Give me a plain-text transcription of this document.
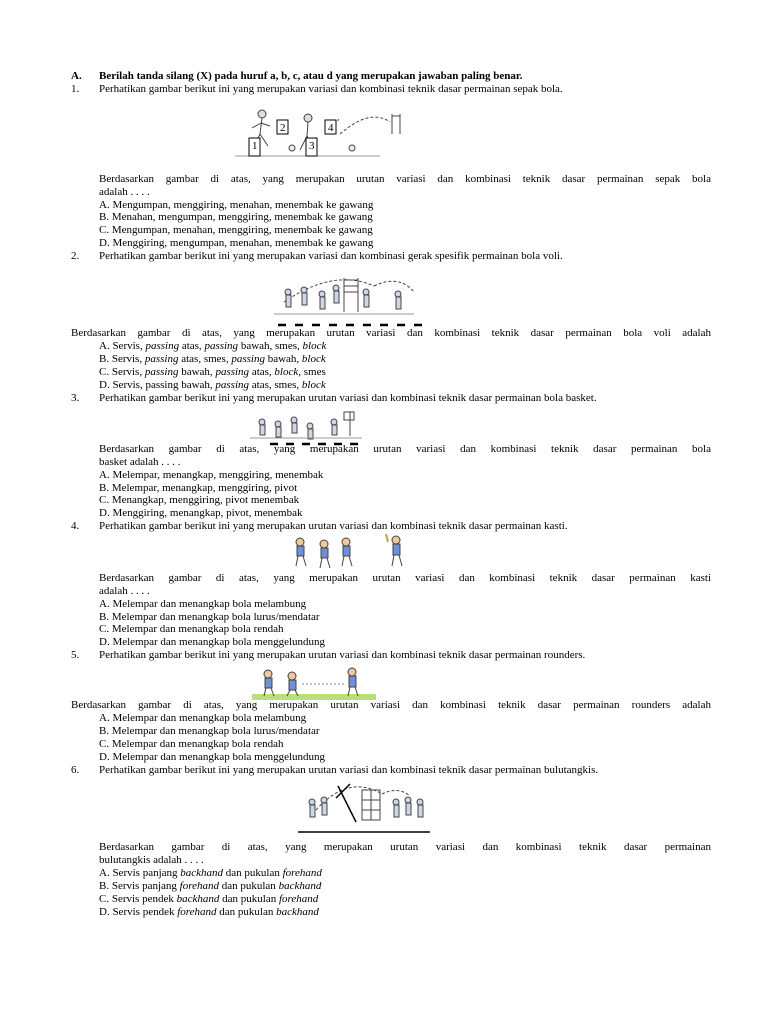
A. Berilah tanda silang (X) pada huruf a, b, c, atau d yang merupakan jawaban paling benar.
1. Perhatikan gambar berikut ini yang merupakan variasi dan kombinasi teknik dasar permainan sepak bola.
1
2
3
4
Berdasarkan gambar di atas, yang merupakan urutan variasi dan kombinasi teknik dasar permainan sepak bola
adalah . . . .
A. Mengumpan, menggiring, menahan, menembak ke gawang
B. Menahan, mengumpan, menggiring, menembak ke gawang
C. Mengumpan, menahan, menggiring, menembak ke gawang
D. Menggiring, mengumpan, menahan, menembak ke gawang
2. Perhatikan gambar berikut ini yang merupakan variasi dan kombinasi gerak spesifik permainan bola voli.
Berdasarkan gambar di atas, yang merupakan urutan variasi dan kombinasi teknik dasar permainan bola voli adalah
A. Servis, passing atas, passing bawah, smes, block
B. Servis, passing atas, smes, passing bawah, block
C. Servis, passing bawah, passing atas, block, smes
D. Servis, passing bawah, passing atas, smes, block
3. Perhatikan gambar berikut ini yang merupakan urutan variasi dan kombinasi teknik dasar permainan bola basket.
Berdasarkan gambar di atas, yang merupakan urutan variasi dan kombinasi teknik dasar permainan bola
basket adalah . . . .
A. Melempar, menangkap, menggiring, menembak
B. Melempar, menangkap, menggiring, pivot
C. Menangkap, menggiring, pivot menembak
D. Menggiring, menangkap, pivot, menembak
4. Perhatikan gambar berikut ini yang merupakan urutan variasi dan kombinasi teknik dasar permainan kasti.
Berdasarkan gambar di atas, yang merupakan urutan variasi dan kombinasi teknik dasar permainan kasti
adalah . . . .
A. Melempar dan menangkap bola melambung
B. Melempar dan menangkap bola lurus/mendatar
C. Melempar dan menangkap bola rendah
D. Melempar dan menangkap bola menggelundung
5. Perhatikan gambar berikut ini yang merupakan urutan variasi dan kombinasi teknik dasar permainan rounders.
Berdasarkan gambar di atas, yang merupakan urutan variasi dan kombinasi teknik dasar permainan rounders adalah
A. Melempar dan menangkap bola melambung
B. Melempar dan menangkap bola lurus/mendatar
C. Melempar dan menangkap bola rendah
D. Melempar dan menangkap bola menggelundung
6. Perhatikan gambar berikut ini yang merupakan urutan variasi dan kombinasi teknik dasar permainan bulutangkis.
Berdasarkan gambar di atas, yang merupakan urutan variasi dan kombinasi teknik dasar permainan
bulutangkis adalah . . . .
A. Servis panjang backhand dan pukulan forehand
B. Servis panjang forehand dan pukulan backhand
C. Servis pendek backhand dan pukulan forehand
D. Servis pendek forehand dan pukulan backhand
